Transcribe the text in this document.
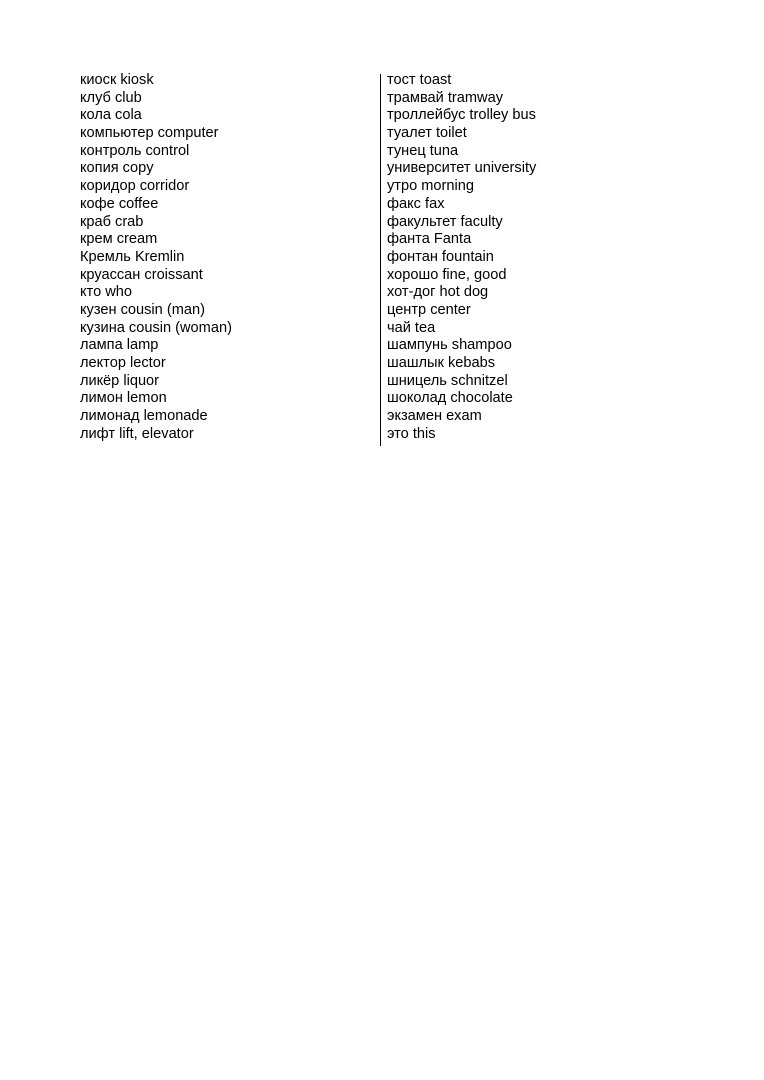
киоск kiosk
клуб club
кола cola
компьютер computer
контроль control
копия copy
коридор corridor
кофе coffee
краб crab
крем cream
Кремль Kremlin
круассан croissant
кто who
кузен cousin (man)
кузина cousin (woman)
лампа lamp
лектор lector
ликёр liquor
лимон lemon
лимонад lemonade
лифт lift, elevator
тост toast
трамвай tramway
троллейбус trolley bus
туалет toilet
тунец tuna
университет university
утро morning
факс fax
факультет faculty
фанта Fanta
фонтан fountain
хорошо fine, good
хот-дог hot dog
центр center
чай tea
шампунь shampoo
шашлык kebabs
шницель schnitzel
шоколад chocolate
экзамен exam
это this
